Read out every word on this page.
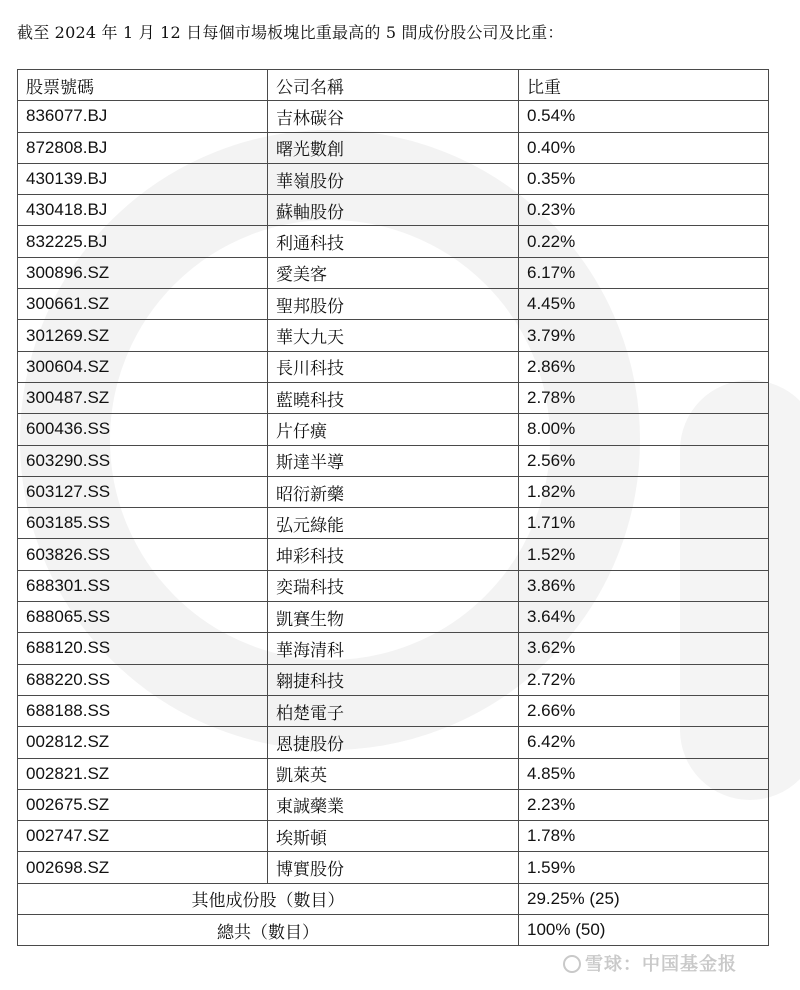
截至 2024 年 1 月 12 日每個市場板塊比重最高的 5 間成份股公司及比重：
股票號碼	公司名稱	比重
836077.BJ	吉林碳谷	0.54%
872808.BJ	曙光數創	0.40%
430139.BJ	華嶺股份	0.35%
430418.BJ	蘇軸股份	0.23%
832225.BJ	利通科技	0.22%
300896.SZ	愛美客	6.17%
300661.SZ	聖邦股份	4.45%
301269.SZ	華大九天	3.79%
300604.SZ	長川科技	2.86%
300487.SZ	藍曉科技	2.78%
600436.SS	片仔癀	8.00%
603290.SS	斯達半導	2.56%
603127.SS	昭衍新藥	1.82%
603185.SS	弘元綠能	1.71%
603826.SS	坤彩科技	1.52%
688301.SS	奕瑞科技	3.86%
688065.SS	凱賽生物	3.64%
688120.SS	華海清科	3.62%
688220.SS	翱捷科技	2.72%
688188.SS	柏楚電子	2.66%
002812.SZ	恩捷股份	6.42%
002821.SZ	凱萊英	4.85%
002675.SZ	東誠藥業	2.23%
002747.SZ	埃斯頓	1.78%
002698.SZ	博實股份	1.59%
其他成份股（數目）		29.25% (25)
總共（數目）		100% (50)
雪球：中国基金报
